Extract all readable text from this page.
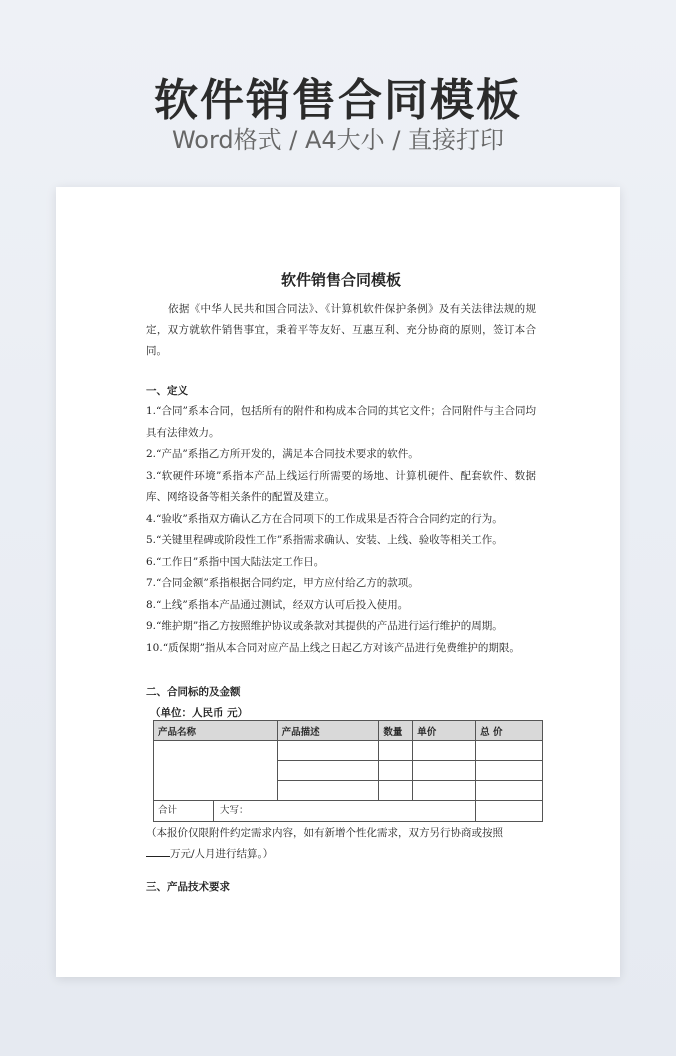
软件销售合同模板
Word格式 / A4大小 / 直接打印
软件销售合同模板
依据《中华人民共和国合同法》、《计算机软件保护条例》及有关法律法规的规定，双方就软件销售事宜，秉着平等友好、互惠互利、充分协商的原则，签订本合同。
一、定义
1.“合同”系本合同，包括所有的附件和构成本合同的其它文件；合同附件与主合同均具有法律效力。
2.“产品”系指乙方所开发的，满足本合同技术要求的软件。
3.“软硬件环境”系指本产品上线运行所需要的场地、计算机硬件、配套软件、数据库、网络设备等相关条件的配置及建立。
4.“验收”系指双方确认乙方在合同项下的工作成果是否符合合同约定的行为。
5.“关键里程碑或阶段性工作”系指需求确认、安装、上线、验收等相关工作。
6.“工作日”系指中国大陆法定工作日。
7.“合同金额”系指根据合同约定，甲方应付给乙方的款项。
8.“上线”系指本产品通过测试，经双方认可后投入使用。
9.“维护期”指乙方按照维护协议或条款对其提供的产品进行运行维护的周期。
10.“质保期”指从本合同对应产品上线之日起乙方对该产品进行免费维护的期限。
二、合同标的及金额
（单位：人民币 元）
产品名称	产品描述	数量	单价	总 价

合计 大写：				
（本报价仅限附件约定需求内容，如有新增个性化需求，双方另行协商或按照
万元/人月进行结算。）
三、产品技术要求
